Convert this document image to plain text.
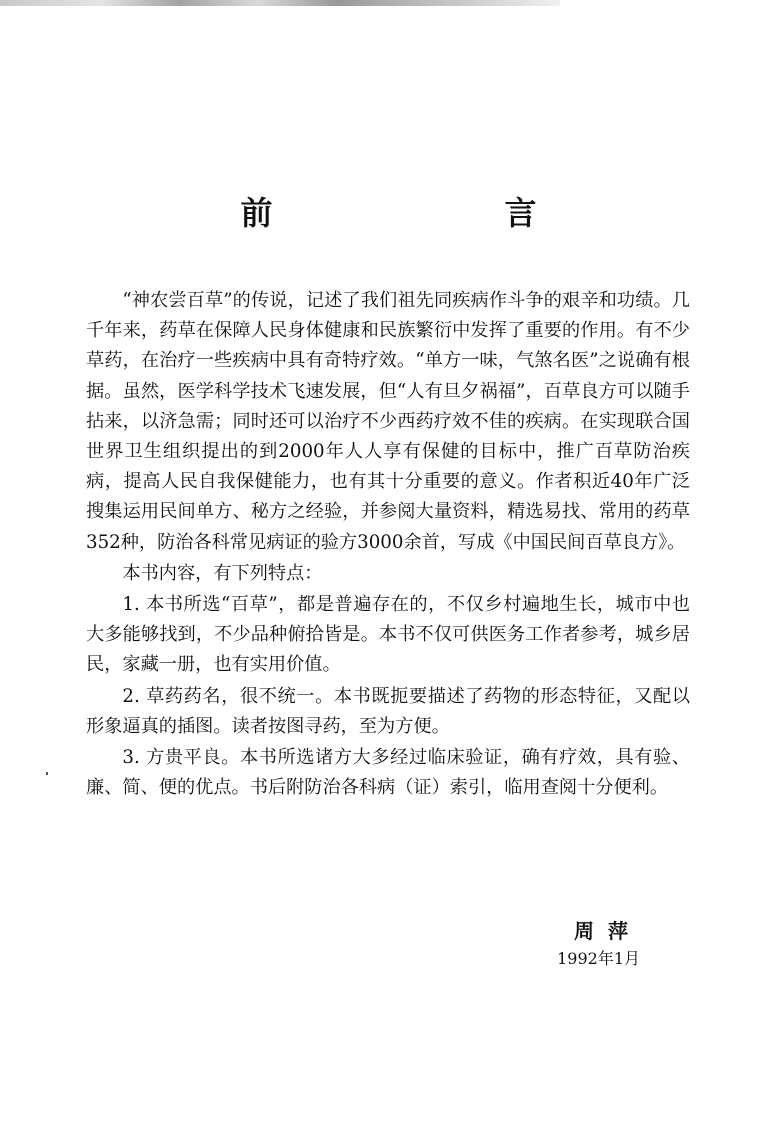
前　　言

“神农尝百草”的传说，记述了我们祖先同疾病作斗争的艰辛和功绩。几千年来，药草在保障人民身体健康和民族繁衍中发挥了重要的作用。有不少草药，在治疗一些疾病中具有奇特疗效。“单方一味，气煞名医”之说确有根据。虽然，医学科学技术飞速发展，但“人有旦夕祸福”，百草良方可以随手拈来，以济急需；同时还可以治疗不少西药疗效不佳的疾病。在实现联合国世界卫生组织提出的到2000年人人享有保健的目标中，推广百草防治疾病，提高人民自我保健能力，也有其十分重要的意义。作者积近40年广泛搜集运用民间单方、秘方之经验，并参阅大量资料，精选易找、常用的药草352种，防治各科常见病证的验方3000余首，写成《中国民间百草良方》。

本书内容，有下列特点：

1. 本书所选“百草”，都是普遍存在的，不仅乡村遍地生长，城市中也大多能够找到，不少品种俯拾皆是。本书不仅可供医务工作者参考，城乡居民，家藏一册，也有实用价值。

2. 草药药名，很不统一。本书既扼要描述了药物的形态特征，又配以形象逼真的插图。读者按图寻药，至为方便。

3. 方贵平良。本书所选诸方大多经过临床验证，确有疗效，具有验、廉、简、便的优点。书后附防治各科病（证）索引，临用查阅十分便利。

周萍
1992年1月
